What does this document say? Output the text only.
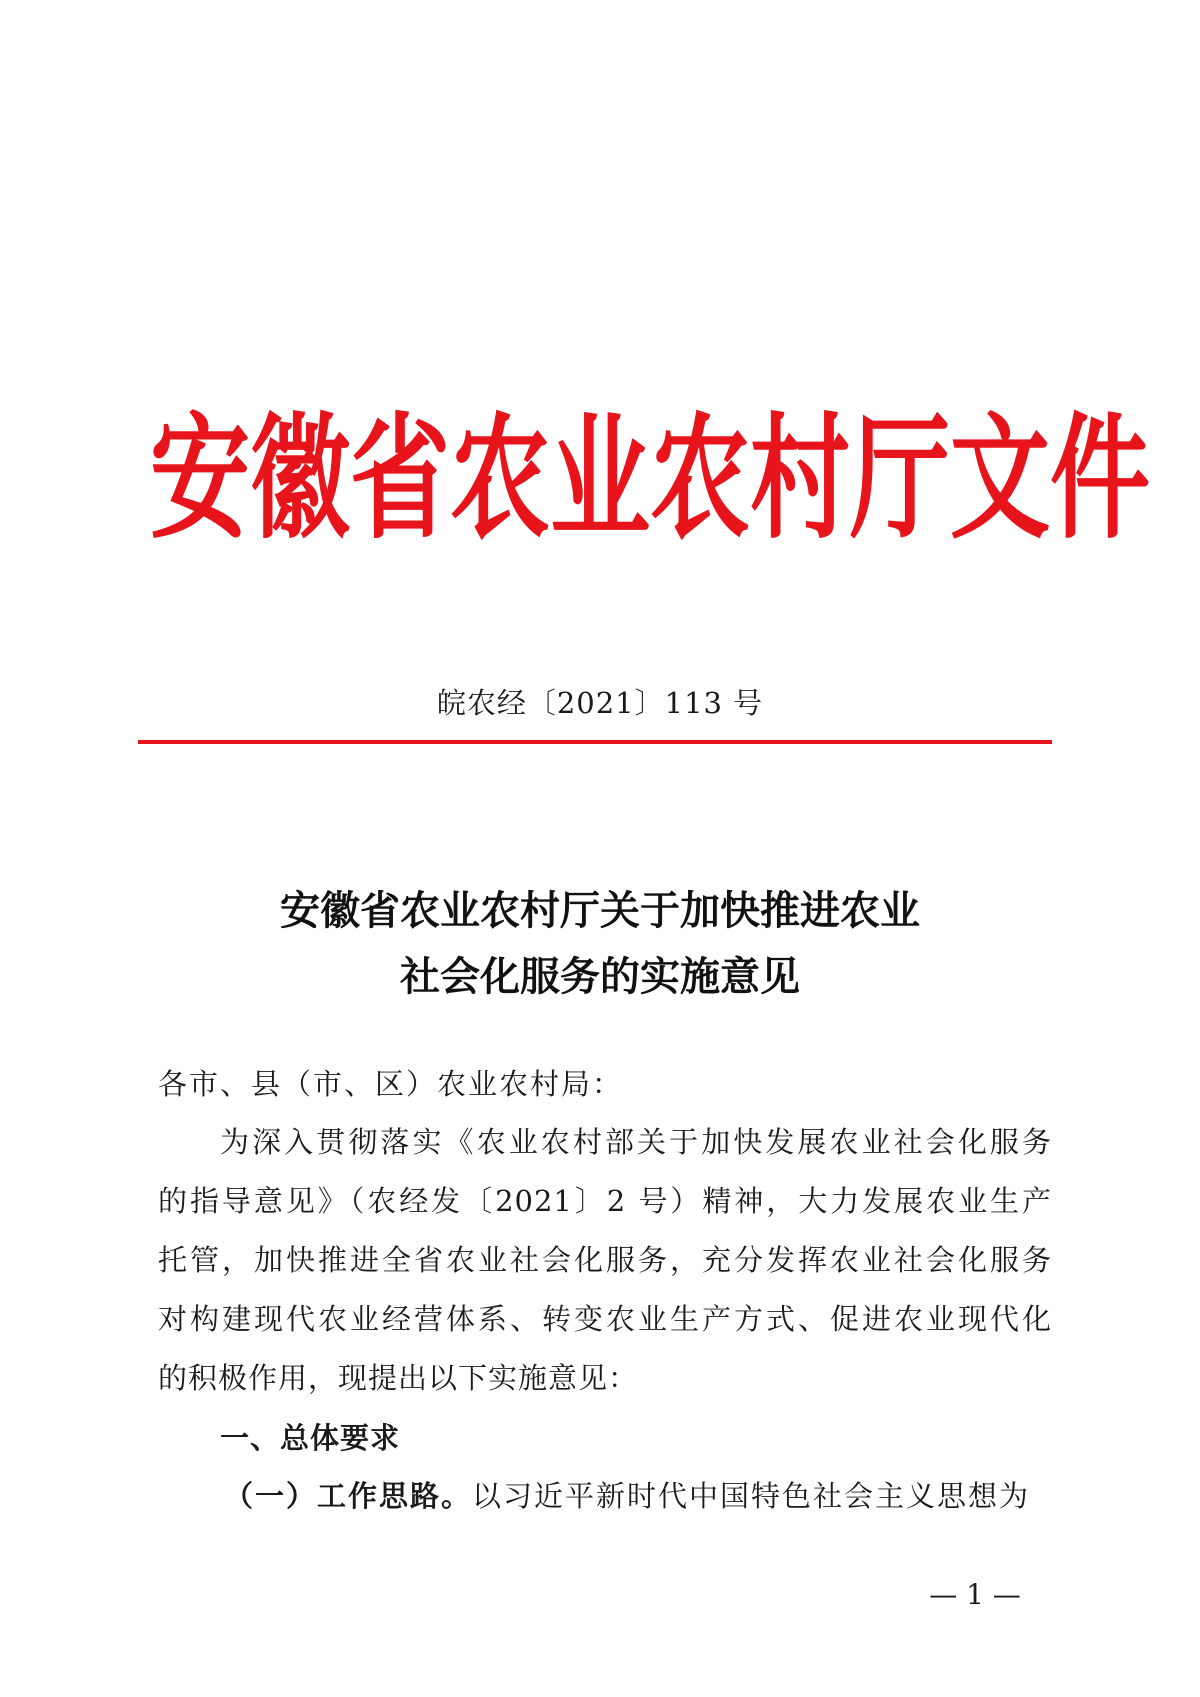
安徽省农业农村厅文件
皖农经〔2021〕113 号
安徽省农业农村厅关于加快推进农业
社会化服务的实施意见
各市、县（市、区）农业农村局：
为深入贯彻落实《农业农村部关于加快发展农业社会化服务
的指导意见》（农经发〔2021〕2 号）精神，大力发展农业生产
托管，加快推进全省农业社会化服务，充分发挥农业社会化服务
对构建现代农业经营体系、转变农业生产方式、促进农业现代化
的积极作用，现提出以下实施意见：
一、总体要求
（一）工作思路。以习近平新时代中国特色社会主义思想为
— 1 —
